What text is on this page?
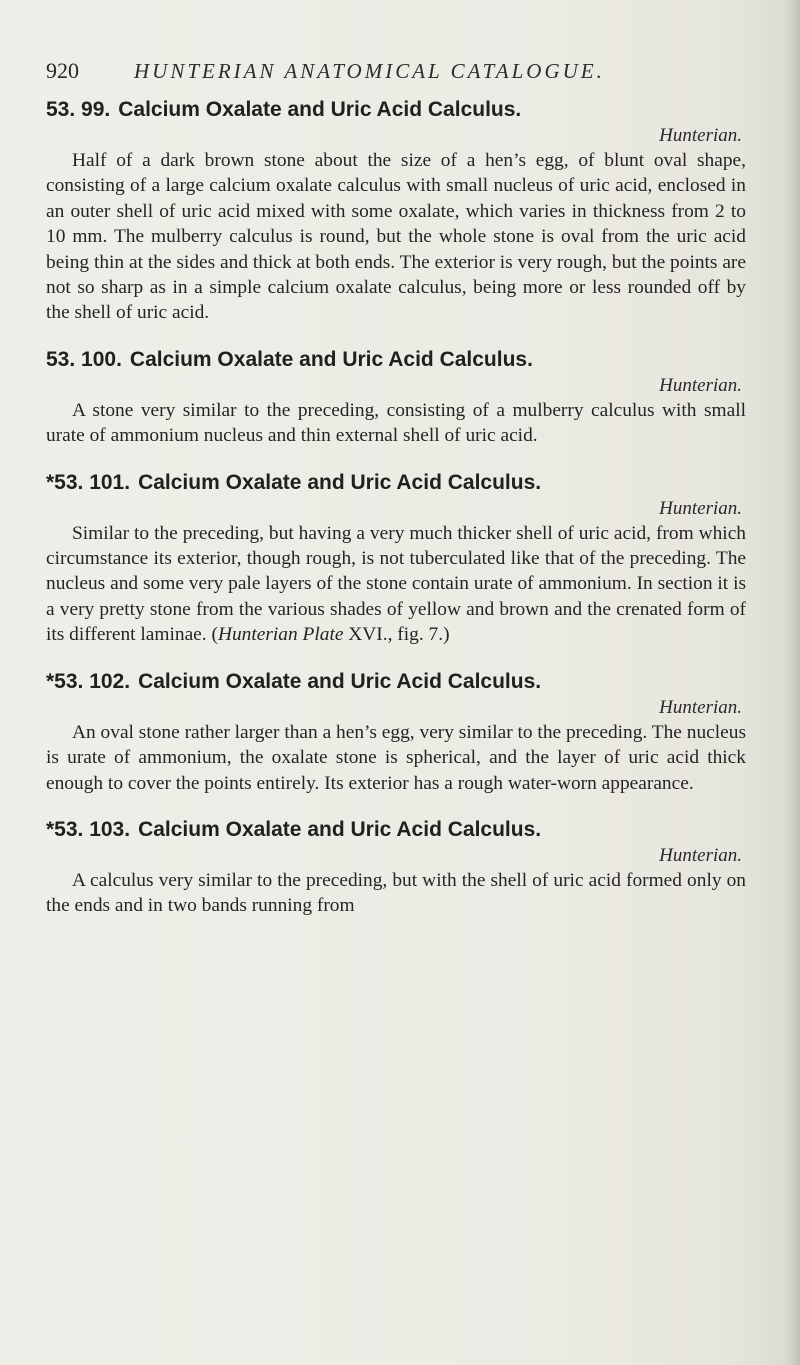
920	HUNTERIAN ANATOMICAL CATALOGUE.
53. 99. Calcium Oxalate and Uric Acid Calculus.
Hunterian.
Half of a dark brown stone about the size of a hen’s egg, of blunt oval shape, consisting of a large calcium oxalate calculus with small nucleus of uric acid, enclosed in an outer shell of uric acid mixed with some oxalate, which varies in thickness from 2 to 10 mm. The mulberry calculus is round, but the whole stone is oval from the uric acid being thin at the sides and thick at both ends. The exterior is very rough, but the points are not so sharp as in a simple calcium oxalate calculus, being more or less rounded off by the shell of uric acid.
53. 100. Calcium Oxalate and Uric Acid Calculus.
Hunterian.
A stone very similar to the preceding, consisting of a mulberry calculus with small urate of ammonium nucleus and thin external shell of uric acid.
*53. 101. Calcium Oxalate and Uric Acid Calculus.
Hunterian.
Similar to the preceding, but having a very much thicker shell of uric acid, from which circumstance its exterior, though rough, is not tuberculated like that of the preceding. The nucleus and some very pale layers of the stone contain urate of ammonium. In section it is a very pretty stone from the various shades of yellow and brown and the crenated form of its different laminae. (Hunterian Plate XVI., fig. 7.)
*53. 102. Calcium Oxalate and Uric Acid Calculus.
Hunterian.
An oval stone rather larger than a hen’s egg, very similar to the preceding. The nucleus is urate of ammonium, the oxalate stone is spherical, and the layer of uric acid thick enough to cover the points entirely. Its exterior has a rough water-worn appearance.
*53. 103. Calcium Oxalate and Uric Acid Calculus.
Hunterian.
A calculus very similar to the preceding, but with the shell of uric acid formed only on the ends and in two bands running from
